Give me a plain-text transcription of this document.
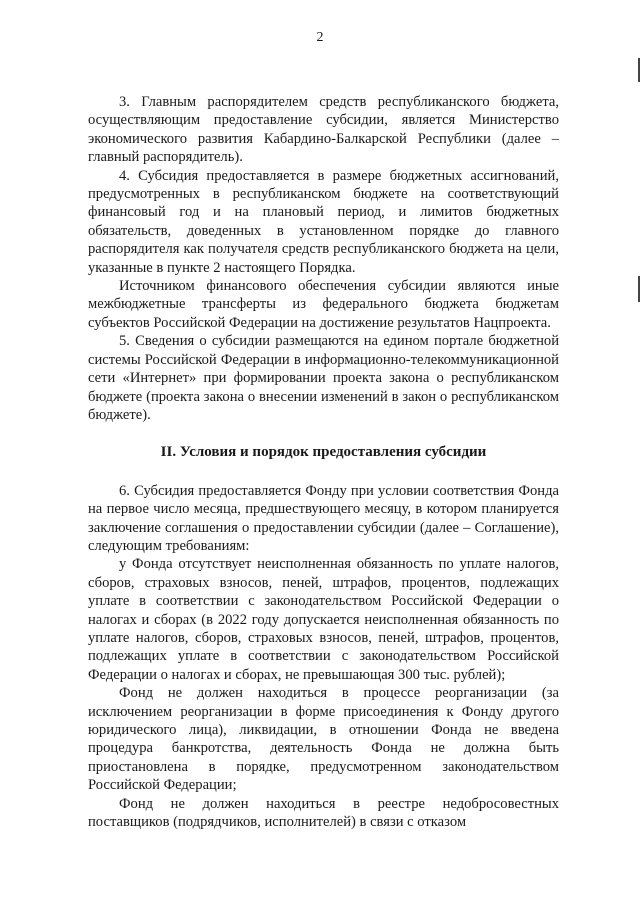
2

3. Главным распорядителем средств республиканского бюджета, осуществляющим предоставление субсидии, является Министерство экономического развития Кабардино-Балкарской Республики (далее – главный распорядитель).

4. Субсидия предоставляется в размере бюджетных ассигнований, предусмотренных в республиканском бюджете на соответствующий финансовый год и на плановый период, и лимитов бюджетных обязательств, доведенных в установленном порядке до главного распорядителя как получателя средств республиканского бюджета на цели, указанные в пункте 2 настоящего Порядка.

Источником финансового обеспечения субсидии являются иные межбюджетные трансферты из федерального бюджета бюджетам субъектов Российской Федерации на достижение результатов Нацпроекта.

5. Сведения о субсидии размещаются на едином портале бюджетной системы Российской Федерации в информационно-телекоммуникационной сети «Интернет» при формировании проекта закона о республиканском бюджете (проекта закона о внесении изменений в закон о республиканском бюджете).

II. Условия и порядок предоставления субсидии

6. Субсидия предоставляется Фонду при условии соответствия Фонда на первое число месяца, предшествующего месяцу, в котором планируется заключение соглашения о предоставлении субсидии (далее – Соглашение), следующим требованиям:

у Фонда отсутствует неисполненная обязанность по уплате налогов, сборов, страховых взносов, пеней, штрафов, процентов, подлежащих уплате в соответствии с законодательством Российской Федерации о налогах и сборах (в 2022 году допускается неисполненная обязанность по уплате налогов, сборов, страховых взносов, пеней, штрафов, процентов, подлежащих уплате в соответствии с законодательством Российской Федерации о налогах и сборах, не превышающая 300 тыс. рублей);

Фонд не должен находиться в процессе реорганизации (за исключением реорганизации в форме присоединения к Фонду другого юридического лица), ликвидации, в отношении Фонда не введена процедура банкротства, деятельность Фонда не должна быть приостановлена в порядке, предусмотренном законодательством Российской Федерации;

Фонд не должен находиться в реестре недобросовестных поставщиков (подрядчиков, исполнителей) в связи с отказом
